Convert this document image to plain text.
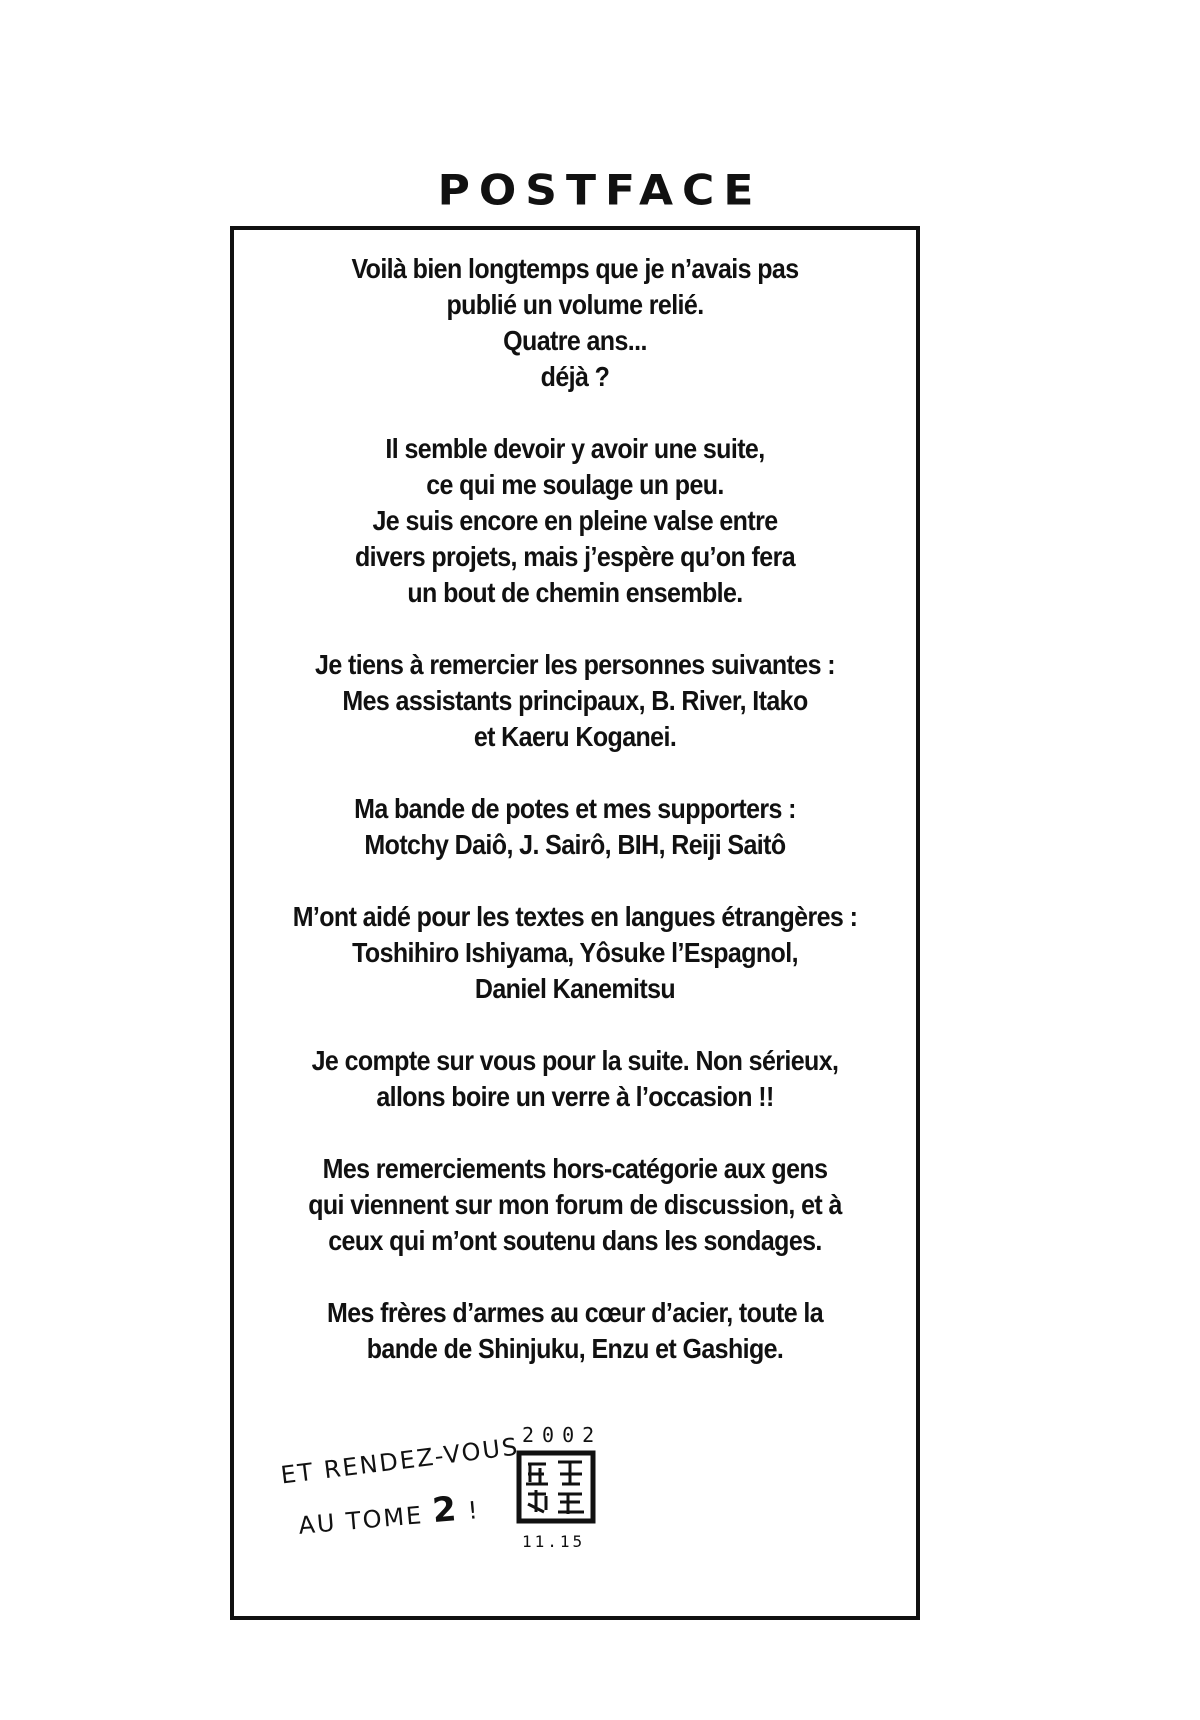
POSTFACE
Voilà bien longtemps que je n’avais pas
publié un volume relié.
Quatre ans...
déjà ?
Il semble devoir y avoir une suite,
ce qui me soulage un peu.
Je suis encore en pleine valse entre
divers projets, mais j’espère qu’on fera
un bout de chemin ensemble.
Je tiens à remercier les personnes suivantes :
Mes assistants principaux, B. River, Itako
et Kaeru Koganei.
Ma bande de potes et mes supporters :
Motchy Daiô, J. Sairô, BIH, Reiji Saitô
M’ont aidé pour les textes en langues étrangères :
Toshihiro Ishiyama, Yôsuke l’Espagnol,
Daniel Kanemitsu
Je compte sur vous pour la suite. Non sérieux,
allons boire un verre à l’occasion !!
Mes remerciements hors-catégorie aux gens
qui viennent sur mon forum de discussion, et à
ceux qui m’ont soutenu dans les sondages.
Mes frères d’armes au cœur d’acier, toute la
bande de Shinjuku, Enzu et Gashige.
ET RENDEZ-VOUS
AU TOME 2 !
2002
11.15
